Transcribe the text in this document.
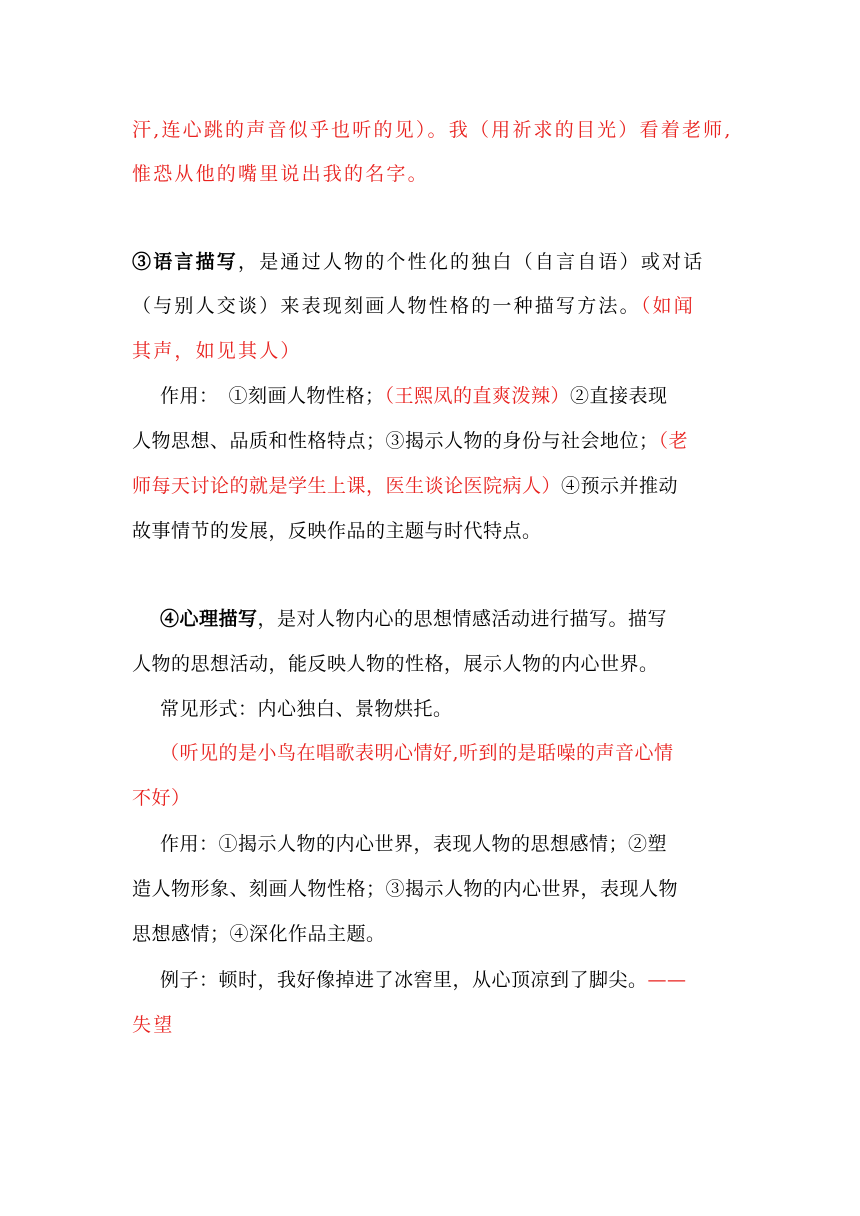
汗,连心跳的声音似乎也听的见）。我（用祈求的目光）看着老师,
惟恐从他的嘴里说出我的名字。
③语言描写，是通过人物的个性化的独白（自言自语）或对话
（与别人交谈）来表现刻画人物性格的一种描写方法。（如闻
其声，如见其人）
作用：　①刻画人物性格；（王熙凤的直爽泼辣）②直接表现
人物思想、品质和性格特点；③揭示人物的身份与社会地位；（老
师每天讨论的就是学生上课，医生谈论医院病人）④预示并推动
故事情节的发展，反映作品的主题与时代特点。
④心理描写，是对人物内心的思想情感活动进行描写。描写
人物的思想活动，能反映人物的性格，展示人物的内心世界。
常见形式：内心独白、景物烘托。
（听见的是小鸟在唱歌表明心情好,听到的是聒噪的声音心情
不好）
作用：①揭示人物的内心世界，表现人物的思想感情；②塑
造人物形象、刻画人物性格；③揭示人物的内心世界，表现人物
思想感情；④深化作品主题。
例子：顿时，我好像掉进了冰窖里，从心顶凉到了脚尖。——
失望
